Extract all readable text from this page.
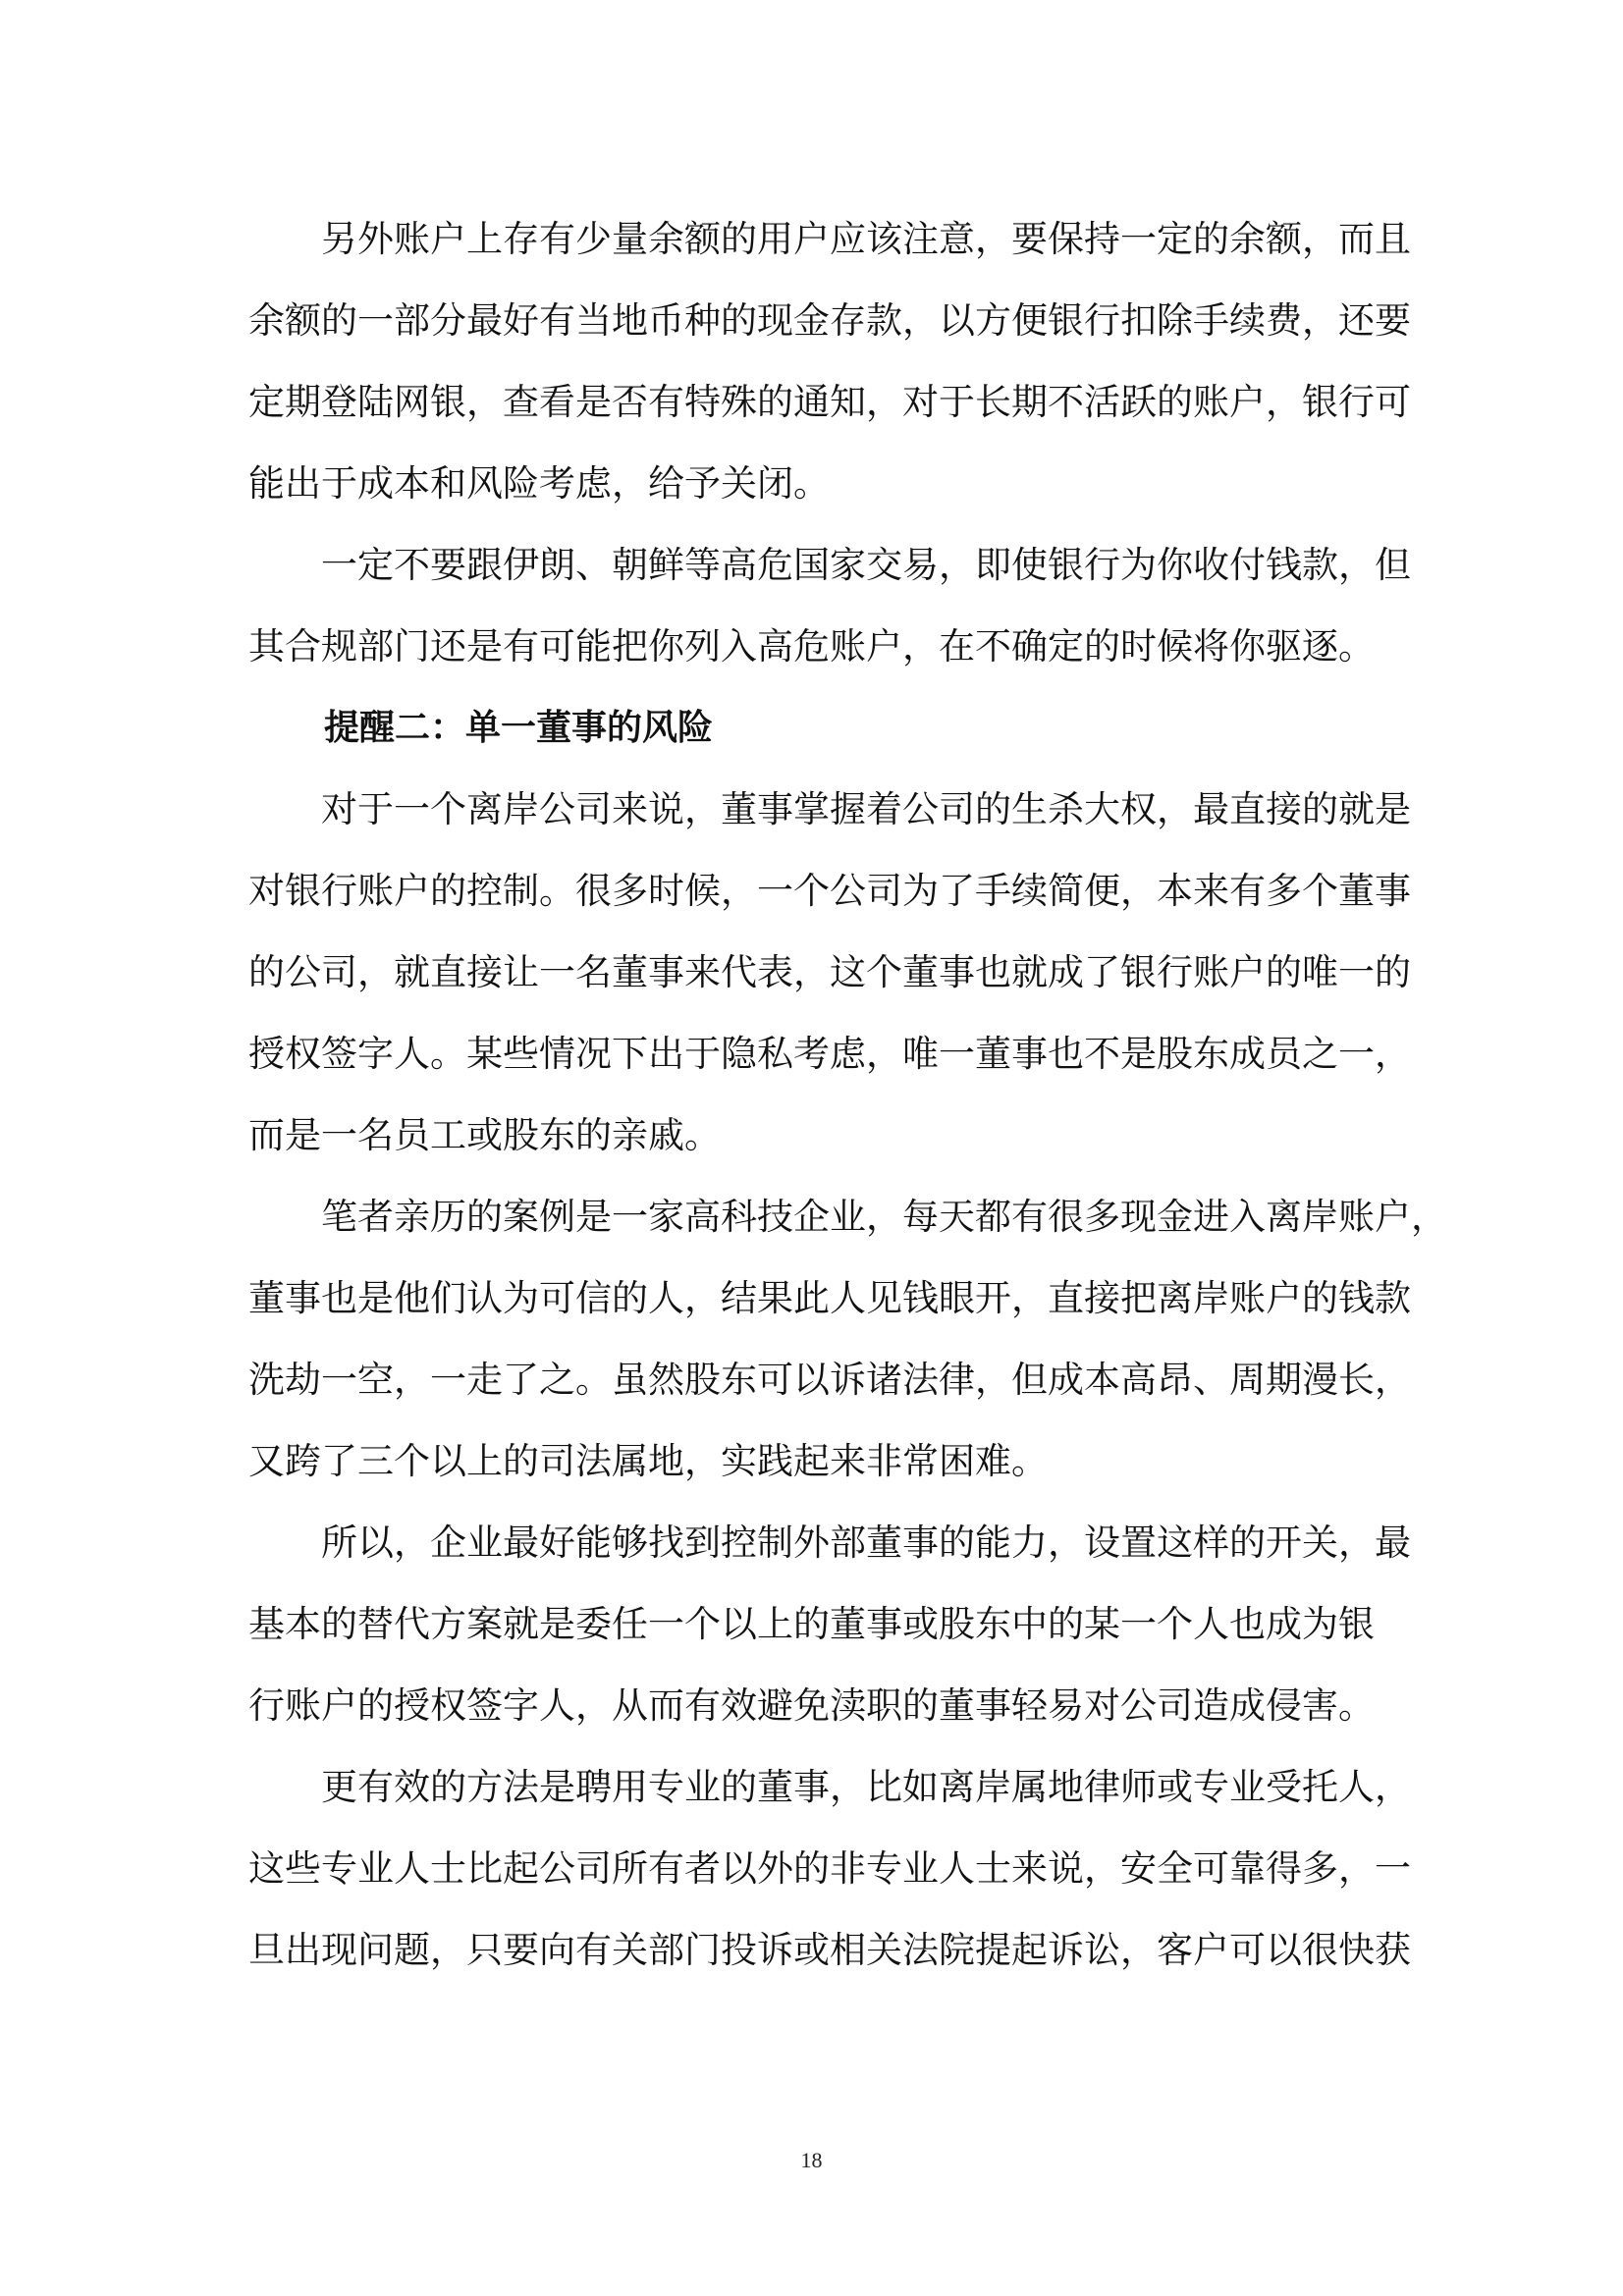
另外账户上存有少量余额的用户应该注意，要保持一定的余额，而且
余额的一部分最好有当地币种的现金存款，以方便银行扣除手续费，还要
定期登陆网银，查看是否有特殊的通知，对于长期不活跃的账户，银行可
能出于成本和风险考虑，给予关闭。
一定不要跟伊朗、朝鲜等高危国家交易，即使银行为你收付钱款，但
其合规部门还是有可能把你列入高危账户，在不确定的时候将你驱逐。
提醒二：单一董事的风险
对于一个离岸公司来说，董事掌握着公司的生杀大权，最直接的就是
对银行账户的控制。很多时候，一个公司为了手续简便，本来有多个董事
的公司，就直接让一名董事来代表，这个董事也就成了银行账户的唯一的
授权签字人。某些情况下出于隐私考虑，唯一董事也不是股东成员之一，
而是一名员工或股东的亲戚。
笔者亲历的案例是一家高科技企业，每天都有很多现金进入离岸账户，
董事也是他们认为可信的人，结果此人见钱眼开，直接把离岸账户的钱款
洗劫一空，一走了之。虽然股东可以诉诸法律，但成本高昂、周期漫长，
又跨了三个以上的司法属地，实践起来非常困难。
所以，企业最好能够找到控制外部董事的能力，设置这样的开关，最
基本的替代方案就是委任一个以上的董事或股东中的某一个人也成为银
行账户的授权签字人，从而有效避免渎职的董事轻易对公司造成侵害。
更有效的方法是聘用专业的董事，比如离岸属地律师或专业受托人，
这些专业人士比起公司所有者以外的非专业人士来说，安全可靠得多，一
旦出现问题，只要向有关部门投诉或相关法院提起诉讼，客户可以很快获
18
